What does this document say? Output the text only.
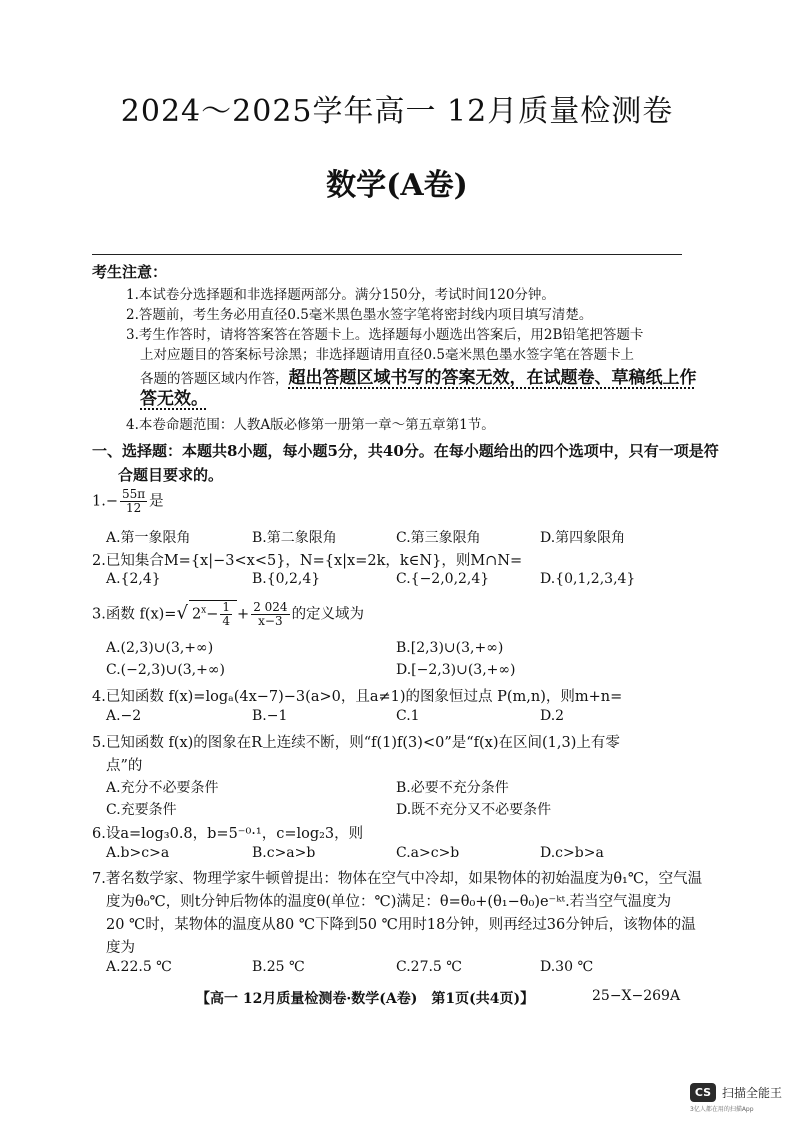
2024～2025学年高一 12月质量检测卷
数学(A卷)
考生注意：
1.本试卷分选择题和非选择题两部分。满分150分，考试时间120分钟。
2.答题前，考生务必用直径0.5毫米黑色墨水签字笔将密封线内项目填写清楚。
3.考生作答时，请将答案答在答题卡上。选择题每小题选出答案后，用2B铅笔把答题卡
上对应题目的答案标号涂黑；非选择题请用直径0.5毫米黑色墨水签字笔在答题卡上
各题的答题区域内作答，超出答题区域书写的答案无效，在试题卷、草稿纸上作
答无效。
4.本卷命题范围：人教A版必修第一册第一章～第五章第1节。
一、选择题：本题共8小题，每小题5分，共40分。在每小题给出的四个选项中，只有一项是符
合题目要求的。
$1.- \frac{55\pi}{12}$ 是
A.第一象限角	B.第二象限角	C.第三象限角	D.第四象限角
2.已知集合M={x|−3<x<5}，N={x|x=2k，k∈N}，则M∩N=
A.{2,4}	B.{0,2,4}	C.{−2,0,2,4}	D.{0,1,2,3,4}
3.函数 f(x)=√ $2^x- \frac{1}{4} + \frac{2 024}{x-3}$ 的定义域为
A.(2,3)∪(3,+∞)	B.[2,3)∪(3,+∞)
C.(−2,3)∪(3,+∞)	D.[−2,3)∪(3,+∞)
4.已知函数 f(x)=logₐ(4x−7)−3(a>0，且a≠1)的图象恒过点 P(m,n)，则m+n=
A.−2	B.−1	C.1	D.2
5.已知函数 f(x)的图象在R上连续不断，则“f(1)f(3)<0”是“f(x)在区间(1,3)上有零
点”的
A.充分不必要条件	B.必要不充分条件
C.充要条件	D.既不充分又不必要条件
6.设a=log₃0.8，b=5⁻⁰·¹，c=log₂3，则
A.b>c>a	B.c>a>b	C.a>c>b	D.c>b>a
7.著名数学家、物理学家牛顿曾提出：物体在空气中冷却，如果物体的初始温度为θ₁℃，空气温
度为θ₀℃，则t分钟后物体的温度θ(单位：℃)满足：θ=θ₀+(θ₁−θ₀)e⁻ᵏᵗ.若当空气温度为
20 ℃时，某物体的温度从80 ℃下降到50 ℃用时18分钟，则再经过36分钟后，该物体的温
度为
A.22.5 ℃	B.25 ℃	C.27.5 ℃	D.30 ℃
【高一 12月质量检测卷·数学(A卷)　第1页(共4页)】	25−X−269A
CS 扫描全能王
3亿人都在用的扫描App
